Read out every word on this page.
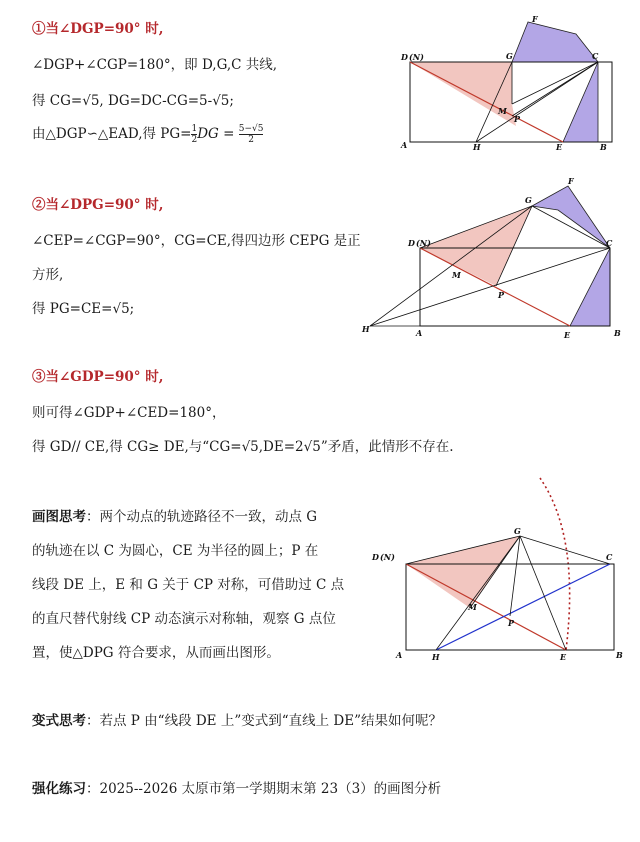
①当∠DGP=90° 时,
∠DGP+∠CGP=180°，即 D,G,C 共线,
得 CG=√5, DG=DC-CG=5-√5;
由△DGP∽△EAD,得 $PG= \frac{1}{2}$ DG = $\frac{5-√5}{2}$
D (N)	G	C
F
M
P
A	H	E	B
②当∠DPG=90° 时,
∠CEP=∠CGP=90°，CG=CE,得四边形 CEPG 是正
方形,
得 PG=CE=√5;
D (N)
G
C
F
M
P
A
H
E	B
③当∠GDP=90° 时,
则可得∠GDP+∠CED=180°，
得 GD// CE,得 CG≥ DE,与“CG=√5,DE=2√5”矛盾，此情形不存在.
画图思考：两个动点的轨迹路径不一致，动点 G
的轨迹在以 C 为圆心，CE 为半径的圆上；P 在
线段 DE 上，E 和 G 关于 CP 对称，可借助过 C 点
的直尺替代射线 CP 动态演示对称轴，观察 G 点位
置，使△DPG 符合要求，从而画出图形。
D (N)
G
C
M
P
A	H	E	B
变式思考：若点 P 由“线段 DE 上”变式到“直线上 DE”结果如何呢？
强化练习：2025--2026 太原市第一学期期末第 23（3）的画图分析
